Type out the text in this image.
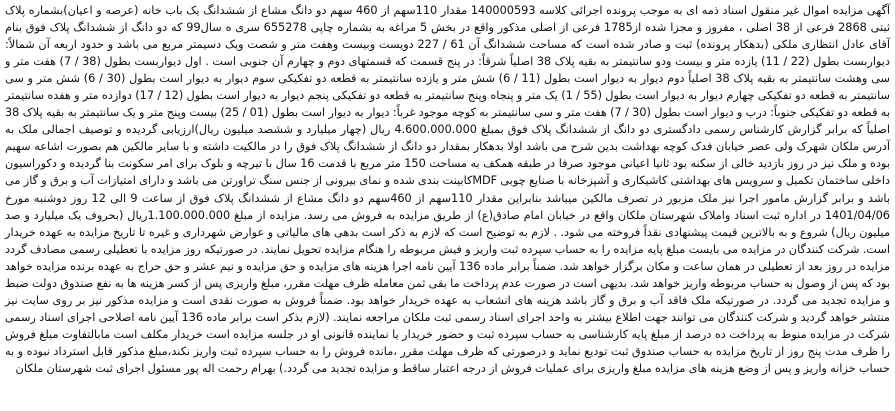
آگهی مزایده اموال غیر منقول اسناد ذمه ای به موجب پرونده اجرائی کلاسه 140000593 مقدار 110سهم از 460 سهم دو دانگ مشاع از ششدانگ یک باب خانه (عرصه و اعیان)بشماره پلاک ثبتی 2868 فرعی از 38 اصلی ، مفروز و مجزا شده از1785 فرعی از اصلی مذکور واقع در بخش 5 مراغه به بشماره چاپی 655278 سری ه سال99 که دو دانگ از ششدانگ پلاک فوق بنام آقای عادل انتظاری ملکی (بدهکار پرونده) ثبت و صادر شده است که مساحت ششدانگ آن 61 / 227 دویست وبیست وهفت متر و شصت ویک دسیمتر مربع می باشد و حدود اربعه آن شمالاً: دیواربست بطول (22 / 11) یازده متر و بیست ودو سانتیمتر به بقیه پلاک 38 اصلیاً شرقاً: در پنج قسمت که قسمتهای دوم و چهارم آن جنوبی است . اول دیواربست بطول (38 / 7) هفت متر و سی وهشت سانتیمتر به بقیه پلاک 38 اصلیاً دوم دیوار به دیوار است بطول (11 / 6) شش متر و یازده سانتیمتر به قطعه دو تفکیکی سوم دیوار به دیوار است بطول (30 / 6) شش متر و سی سانتیمتر به قطعه دو تفکیکی چهارم دیوار به دیوار است بطول (55 / 1) یک متر و پنجاه وپنج سانتیمتر به قطعه دو تفکیکی پنجم دیوار به دیوار است بطول (12 / 17) دوازده متر و هفده سانتیمتر به قطعه دو تفکیکی جنوباً: درب و دیوار است بطول (30 / 7) هفت متر و سی سانتیمتر به کوچه موجود غرباً: دیوار به دیوار است بطول (01 / 25) بیست وپنج متر و یک سانتیمتر به بقیه پلاک 38 اصلیاً که برابر گزارش کارشناس رسمی دادگستری دو دانگ از ششدانگ پلاک فوق بمبلغ 4.600.000.000 ریال (چهار میلیارد و ششصد میلیون ریال)ارزیابی گردیده و توصیف اجمالی ملک به آدرس ملکان شهرک ولی عصر خیابان فدک کوچه بهداشت بدین شرح می باشد اولا بدهکار بمقدار دو دانگ از ششدانگ پلاک فوق را در مالکیت داشته و با سایر مالکین هم بصورت اشاعه سهیم بوده و ملک نیز در روز بازدید خالی از سکنه بود ثانیا اعیانی موجود صرفا در طبقه همکف به مساحت 150 متر مربع با قدمت 16 سال با تیرچه و بلوک برای امر سکونت بنا گردیده و دکوراسیون داخلی ساختمان تکمیل و سرویس های بهداشتی کاشیکاری و آشپزخانه با صنایع چوبی MDFکابینت بندی شده و نمای بیرونی از جنس سنگ تراورتن می باشد و دارای امتیازات آب و برق و گاز می باشد و برابر گزارش مامور اجرا نیز ملک مزبور در تصرف مالکین میباشد بنابراین مقدار 110سهم از 460سهم دو دانگ مشاع از ششدانگ پلاک فوق از ساعت 9 الی 12 روز دوشنبه مورخ 1401/04/06 در اداره ثبت اسناد واملاک شهرستان ملکان واقع در خیابان امام صادق(ع) از طریق مزایده به فروش می رسد. مزایده از مبلغ 1.100.000.000ریال (بحروف یک میلیارد و صد میلیون ریال) شروع و به بالاترین قیمت پیشنهادی نقداً فروخته می شود. . لازم به توضیح است که لازم به ذکر است بدهی های مالیاتی و عوارض شهرداری و غیره تا تاریخ مزایده به عهده خریدار است. شرکت کنندگان در مزایده می بایست مبلغ پایه مزایده را به حساب سپرده ثبت واریز و فیش مربوطه را هنگام مزایده تحویل نمایند. در صورتیکه روز مزایده با تعطیلی رسمی مصادف گردد مزایده در روز بعد از تعطیلی در همان ساعت و مکان برگزار خواهد شد. ضمناً برابر ماده 136 آیین نامه اجرا هزینه های مزایده و حق مزایده و نیم عشر و حق حراج به عهده برنده مزایده خواهد بود که پس از وصول به حساب مربوطه واریز خواهد شد. بدیهی است در صورت عدم پرداخت ما بقی ثمن معامله ظرف مهلت مقرر، مبلغ واریزی پس از کسر هزینه ها به نفع صندوق دولت ضبط و مزایده تجدید می گردد. در صورتیکه ملک فاقد آب و برق و گاز باشد هزینه های انشعاب به عهده خریدار خواهد بود. ضمناً فروش به صورت نقدی است و مزایده مذکور نیز بر روی سایت نیز منتشر خواهد گردید و شرکت کنندگان می توانند جهت اطلاع بیشتر به واحد اجرای اسناد رسمی ثبت ملکان مراجعه نمایند. (لازم بذکر است برابر ماده 136 آیین نامه اصلاحی اجرای اسناد رسمی شرکت در مزایده منوط به پرداخت ده درصد از مبلغ پایه کارشناسی به حساب سپرده ثبت و حضور خریدار یا نماینده قانونی او در جلسه مزایده است خریدار مکلف است مابالتفاوت مبلغ فروش را ظرف مدت پنج روز از تاریخ مزایده به حساب صندوق ثبت تودیع نماید و درصورتی که ظرف مهلت مقرر ،مانده فروش را به حساب سپرده ثبت واریز نکند،مبلغ مذکور قابل استرداد نبوده و به حساب خزانه واریز و پس از وضع هزینه های مزایده مبلغ واریزی برای عملیات فروش از درجه اعتبار ساقط و مزایده تجدید می گردد.) بهرام رحمت اله پور مسئول اجرای ثبت شهرستان ملکان
